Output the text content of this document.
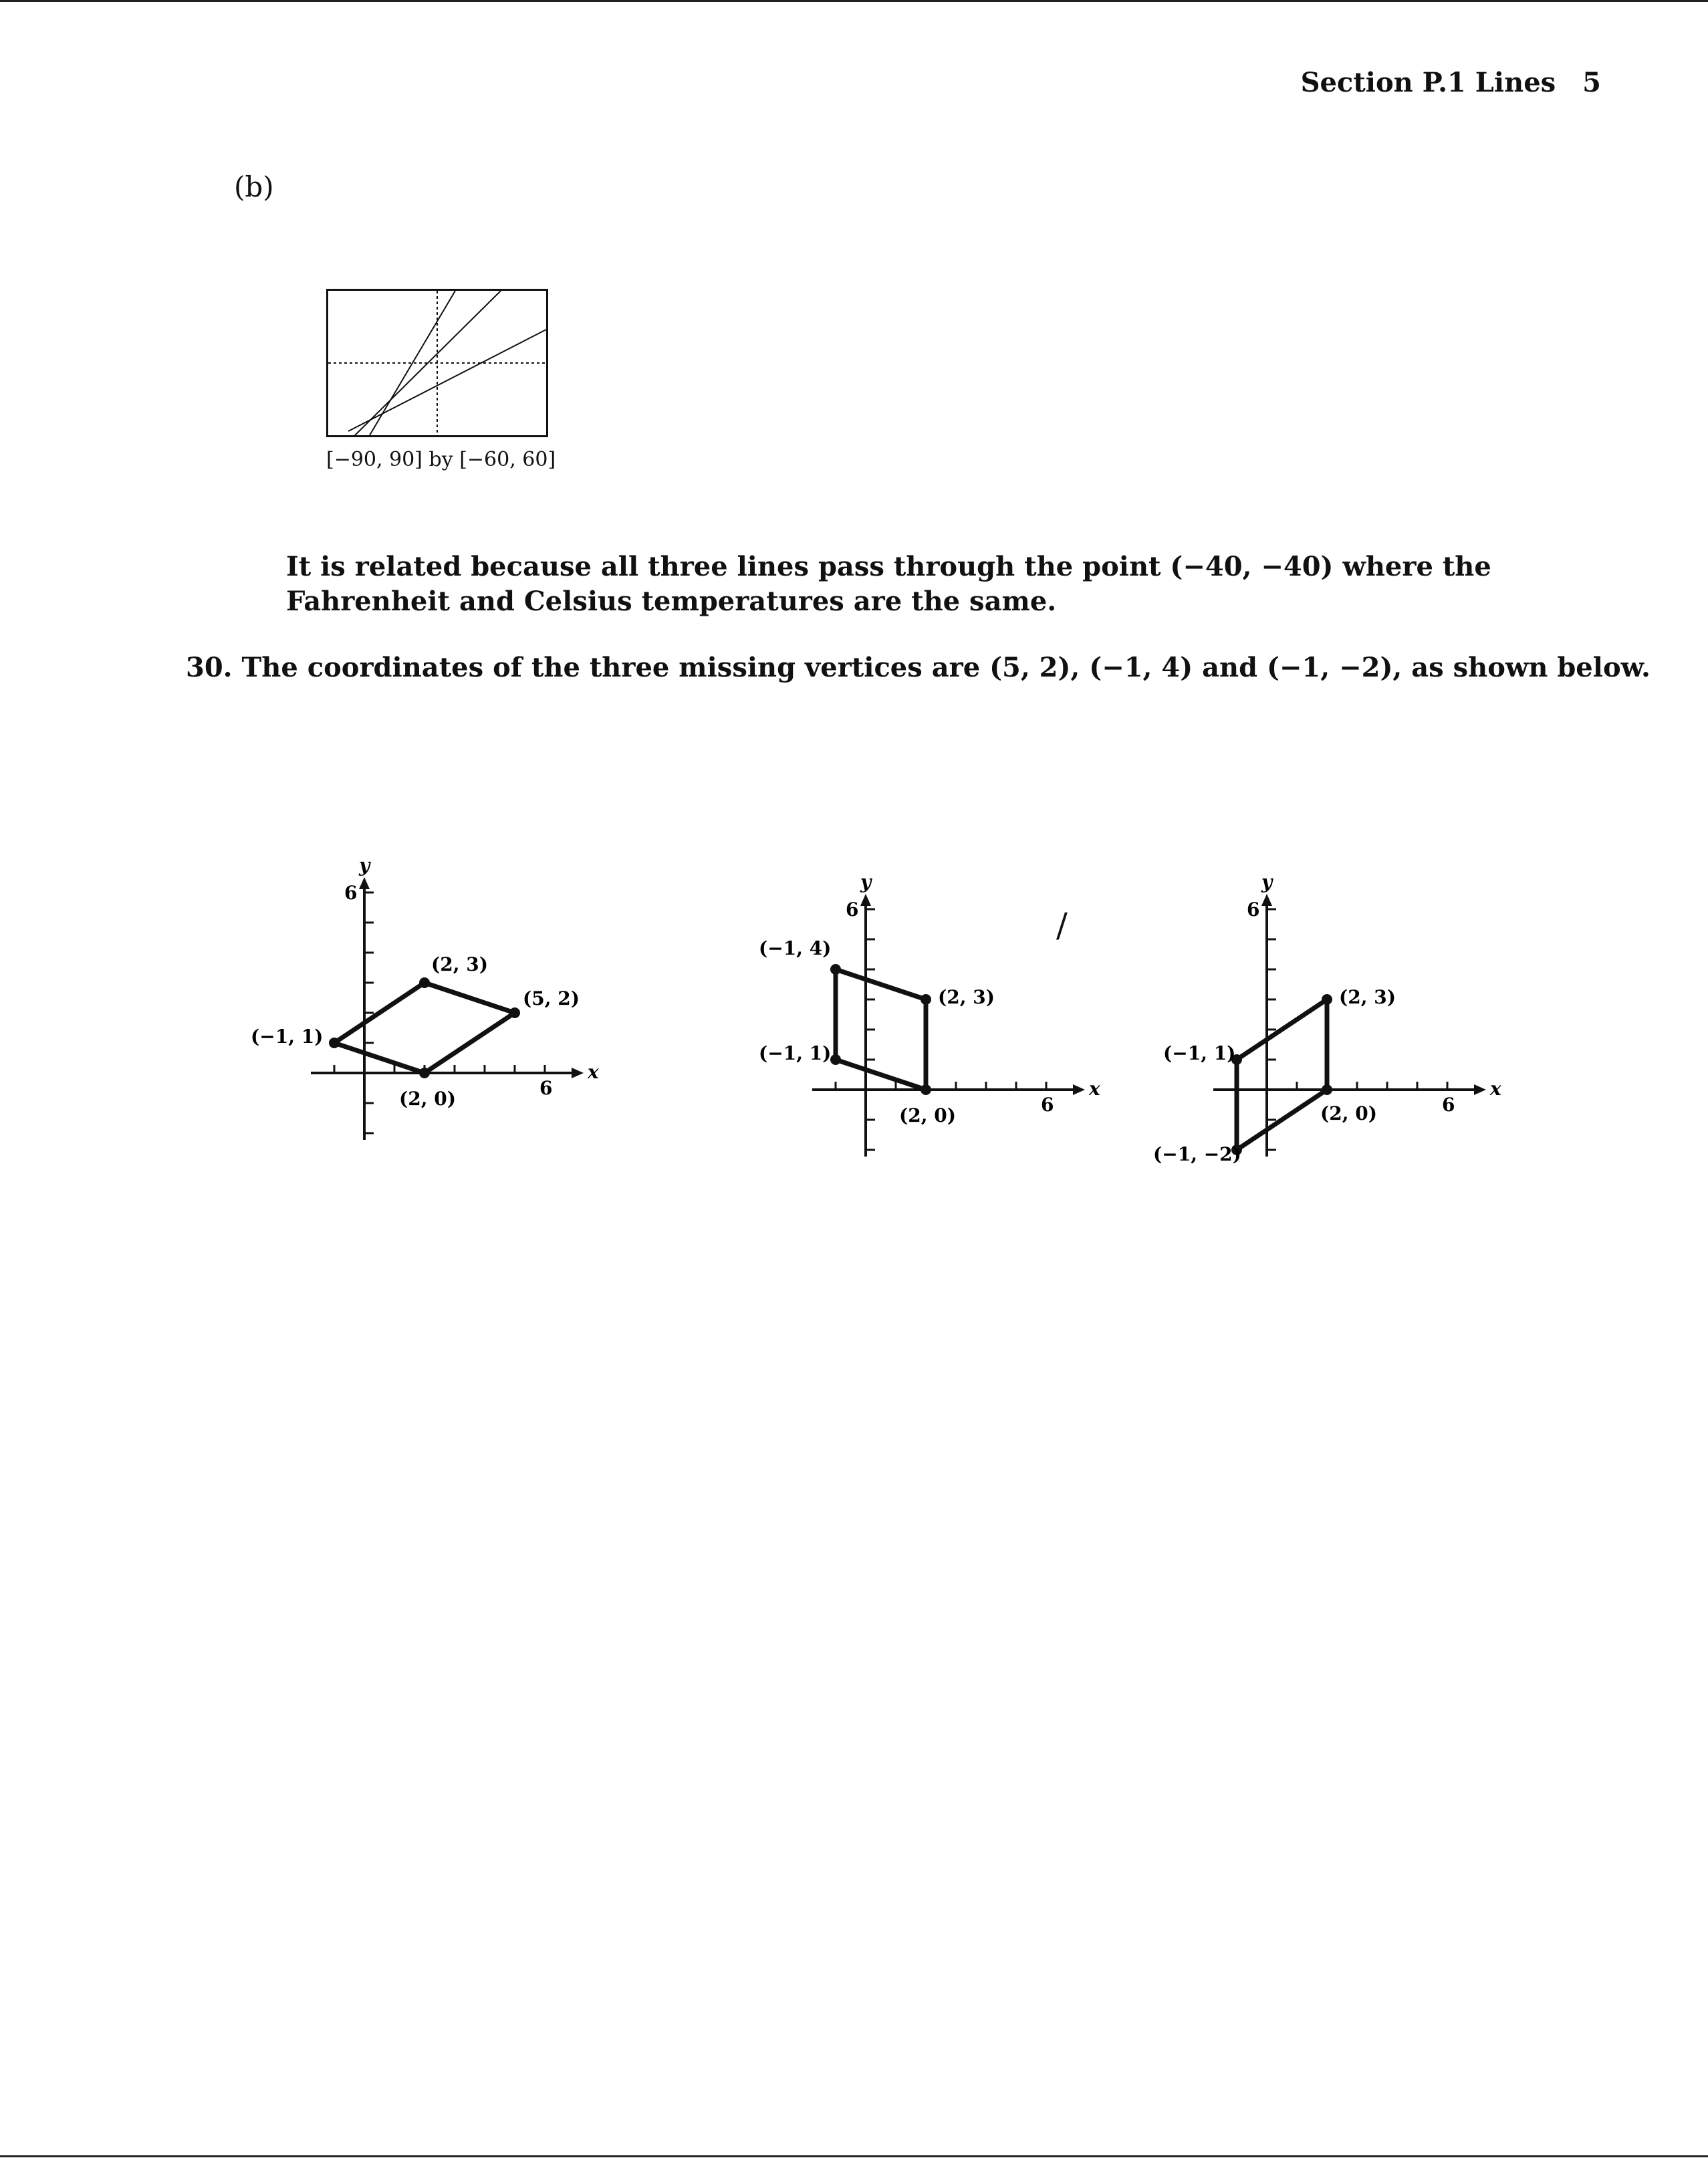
Section P.1 Lines 5
(b)
[−90, 90] by [−60, 60]
It is related because all three lines pass through the point (−40, −40) where the Fahrenheit and Celsius temperatures are the same.
30. The coordinates of the three missing vertices are (5, 2), (−1, 4) and (−1, −2), as shown below.
6
6
x
y
(−1, 1)
(2, 3)
(5, 2)
(2, 0)	6
6
x
y
(−1, 4)
(2, 3)
(2, 0)
(−1, 1)
6
6
x
y
(−1, 1)
(2, 3)
(2, 0)
(−1, −2)
/
